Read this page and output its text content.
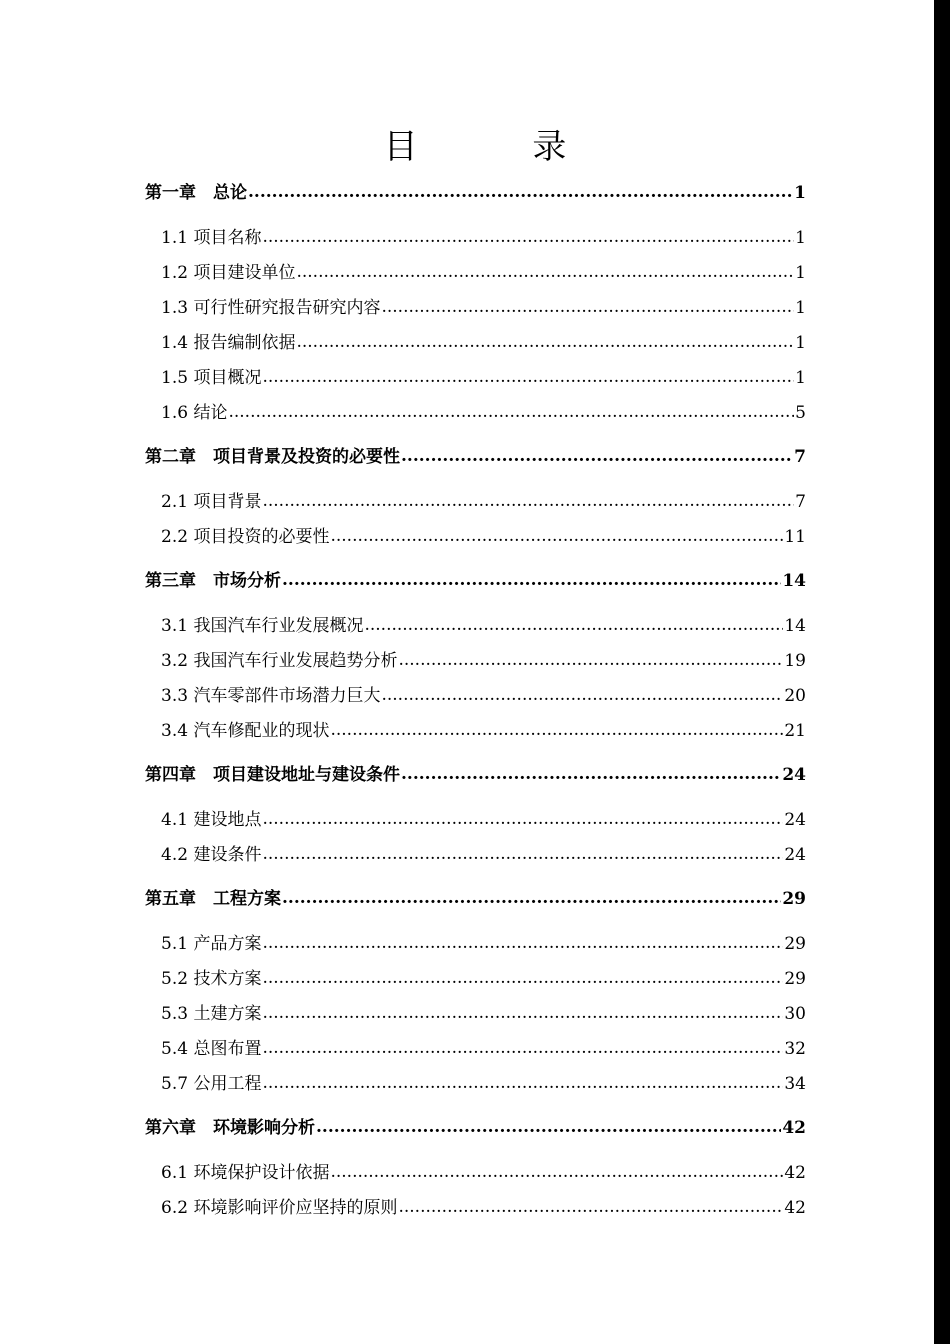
目 录
第一章　总论 .....	1
1.1 项目名称 .....	1
1.2 项目建设单位 .....	1
1.3 可行性研究报告研究内容 .....	1
1.4 报告编制依据 .....	1
1.5 项目概况 .....	1
1.6 结论 .....	5
第二章　项目背景及投资的必要性 .....	7
2.1 项目背景 .....	7
2.2 项目投资的必要性 .....	11
第三章　市场分析 .....	14
3.1 我国汽车行业发展概况 .....	14
3.2 我国汽车行业发展趋势分析 .....	19
3.3 汽车零部件市场潜力巨大 .....	20
3.4 汽车修配业的现状 .....	21
第四章　项目建设地址与建设条件 .....	24
4.1 建设地点 .....	24
4.2 建设条件 .....	24
第五章　工程方案 .....	29
5.1 产品方案 .....	29
5.2 技术方案 .....	29
5.3 土建方案 .....	30
5.4 总图布置 .....	32
5.7 公用工程 .....	34
第六章　环境影响分析 .....	42
6.1 环境保护设计依据 .....	42
6.2 环境影响评价应坚持的原则 .....	42
